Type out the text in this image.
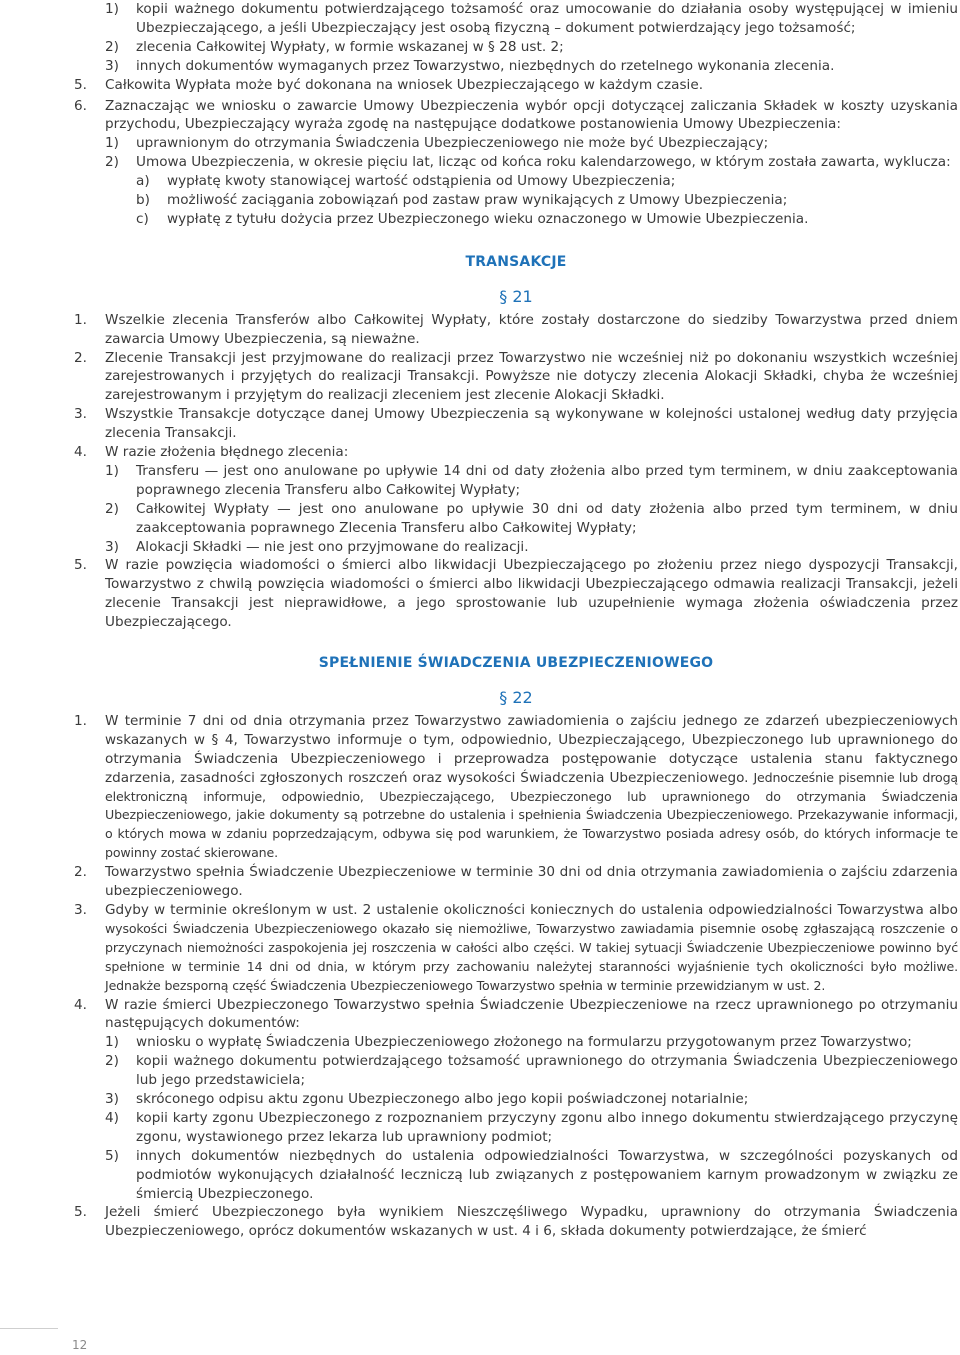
1)	kopii ważnego dokumentu potwierdzającego tożsamość oraz umocowanie do działania osoby występującej w imieniu Ubezpieczającego, a jeśli Ubezpieczający jest osobą fizyczną – dokument potwierdzający jego tożsamość;
2)	zlecenia Całkowitej Wypłaty, w formie wskazanej w § 28 ust. 2;
3)	innych dokumentów wymaganych przez Towarzystwo, niezbędnych do rzetelnego wykonania zlecenia.
5.	Całkowita Wypłata może być dokonana na wniosek Ubezpieczającego w każdym czasie.
6.	Zaznaczając we wniosku o zawarcie Umowy Ubezpieczenia wybór opcji dotyczącej zaliczania Składek w koszty uzyskania przychodu, Ubezpieczający wyraża zgodę na następujące dodatkowe postanowienia Umowy Ubezpieczenia:
1)	uprawnionym do otrzymania Świadczenia Ubezpieczeniowego nie może być Ubezpieczający;
2)	Umowa Ubezpieczenia, w okresie pięciu lat, licząc od końca roku kalendarzowego, w którym została zawarta, wyklucza:
a)	wypłatę kwoty stanowiącej wartość odstąpienia od Umowy Ubezpieczenia;
b)	możliwość zaciągania zobowiązań pod zastaw praw wynikających z Umowy Ubezpieczenia;
c)	wypłatę z tytułu dożycia przez Ubezpieczonego wieku oznaczonego w Umowie Ubezpieczenia.
TRANSAKCJE
§ 21
1.	Wszelkie zlecenia Transferów albo Całkowitej Wypłaty, które zostały dostarczone do siedziby Towarzystwa przed dniem zawarcia Umowy Ubezpieczenia, są nieważne.
2.	Zlecenie Transakcji jest przyjmowane do realizacji przez Towarzystwo nie wcześniej niż po dokonaniu wszystkich wcześniej zarejestrowanych i przyjętych do realizacji Transakcji. Powyższe nie dotyczy zlecenia Alokacji Składki, chyba że wcześniej zarejestrowanym i przyjętym do realizacji zleceniem jest zlecenie Alokacji Składki.
3.	Wszystkie Transakcje dotyczące danej Umowy Ubezpieczenia są wykonywane w kolejności ustalonej według daty przyjęcia zlecenia Transakcji.
4.	W razie złożenia błędnego zlecenia:
1)	Transferu — jest ono anulowane po upływie 14 dni od daty złożenia albo przed tym terminem, w dniu zaakceptowania poprawnego zlecenia Transferu albo Całkowitej Wypłaty;
2)	Całkowitej Wypłaty — jest ono anulowane po upływie 30 dni od daty złożenia albo przed tym terminem, w dniu zaakceptowania poprawnego Zlecenia Transferu albo Całkowitej Wypłaty;
3)	Alokacji Składki — nie jest ono przyjmowane do realizacji.
5.	W razie powzięcia wiadomości o śmierci albo likwidacji Ubezpieczającego po złożeniu przez niego dyspozycji Transakcji, Towarzystwo z chwilą powzięcia wiadomości o śmierci albo likwidacji Ubezpieczającego odmawia realizacji Transakcji, jeżeli zlecenie Transakcji jest nieprawidłowe, a jego sprostowanie lub uzupełnienie wymaga złożenia oświadczenia przez Ubezpieczającego.
SPEŁNIENIE ŚWIADCZENIA UBEZPIECZENIOWEGO
§ 22
1.	W terminie 7 dni od dnia otrzymania przez Towarzystwo zawiadomienia o zajściu jednego ze zdarzeń ubezpieczeniowych wskazanych w § 4, Towarzystwo informuje o tym, odpowiednio, Ubezpieczającego, Ubezpieczonego lub uprawnionego do otrzymania Świadczenia Ubezpieczeniowego i przeprowadza postępowanie dotyczące ustalenia stanu faktycznego zdarzenia, zasadności zgłoszonych roszczeń oraz wysokości Świadczenia Ubezpieczeniowego. Jednocześnie pisemnie lub drogą elektroniczną informuje, odpowiednio, Ubezpieczającego, Ubezpieczonego lub uprawnionego do otrzymania Świadczenia Ubezpieczeniowego, jakie dokumenty są potrzebne do ustalenia i spełnienia Świadczenia Ubezpieczeniowego. Przekazywanie informacji, o których mowa w zdaniu poprzedzającym, odbywa się pod warunkiem, że Towarzystwo posiada adresy osób, do których informacje te powinny zostać skierowane.
2.	Towarzystwo spełnia Świadczenie Ubezpieczeniowe w terminie 30 dni od dnia otrzymania zawiadomienia o zajściu zdarzenia ubezpieczeniowego.
3.	Gdyby w terminie określonym w ust. 2 ustalenie okoliczności koniecznych do ustalenia odpowiedzialności Towarzystwa albo wysokości Świadczenia Ubezpieczeniowego okazało się niemożliwe, Towarzystwo zawiadamia pisemnie osobę zgłaszającą roszczenie o przyczynach niemożności zaspokojenia jej roszczenia w całości albo części. W takiej sytuacji Świadczenie Ubezpieczeniowe powinno być spełnione w terminie 14 dni od dnia, w którym przy zachowaniu należytej staranności wyjaśnienie tych okoliczności było możliwe. Jednakże bezsporną część Świadczenia Ubezpieczeniowego Towarzystwo spełnia w terminie przewidzianym w ust. 2.
4.	W razie śmierci Ubezpieczonego Towarzystwo spełnia Świadczenie Ubezpieczeniowe na rzecz uprawnionego po otrzymaniu następujących dokumentów:
1)	wniosku o wypłatę Świadczenia Ubezpieczeniowego złożonego na formularzu przygotowanym przez Towarzystwo;
2)	kopii ważnego dokumentu potwierdzającego tożsamość uprawnionego do otrzymania Świadczenia Ubezpieczeniowego lub jego przedstawiciela;
3)	skróconego odpisu aktu zgonu Ubezpieczonego albo jego kopii poświadczonej notarialnie;
4)	kopii karty zgonu Ubezpieczonego z rozpoznaniem przyczyny zgonu albo innego dokumentu stwierdzającego przyczynę zgonu, wystawionego przez lekarza lub uprawniony podmiot;
5)	innych dokumentów niezbędnych do ustalenia odpowiedzialności Towarzystwa, w szczególności pozyskanych od podmiotów wykonujących działalność leczniczą lub związanych z postępowaniem karnym prowadzonym w związku ze śmiercią Ubezpieczonego.
5.	Jeżeli śmierć Ubezpieczonego była wynikiem Nieszczęśliwego Wypadku, uprawniony do otrzymania Świadczenia Ubezpieczeniowego, oprócz dokumentów wskazanych w ust. 4 i 6, składa dokumenty potwierdzające, że śmierć
12
